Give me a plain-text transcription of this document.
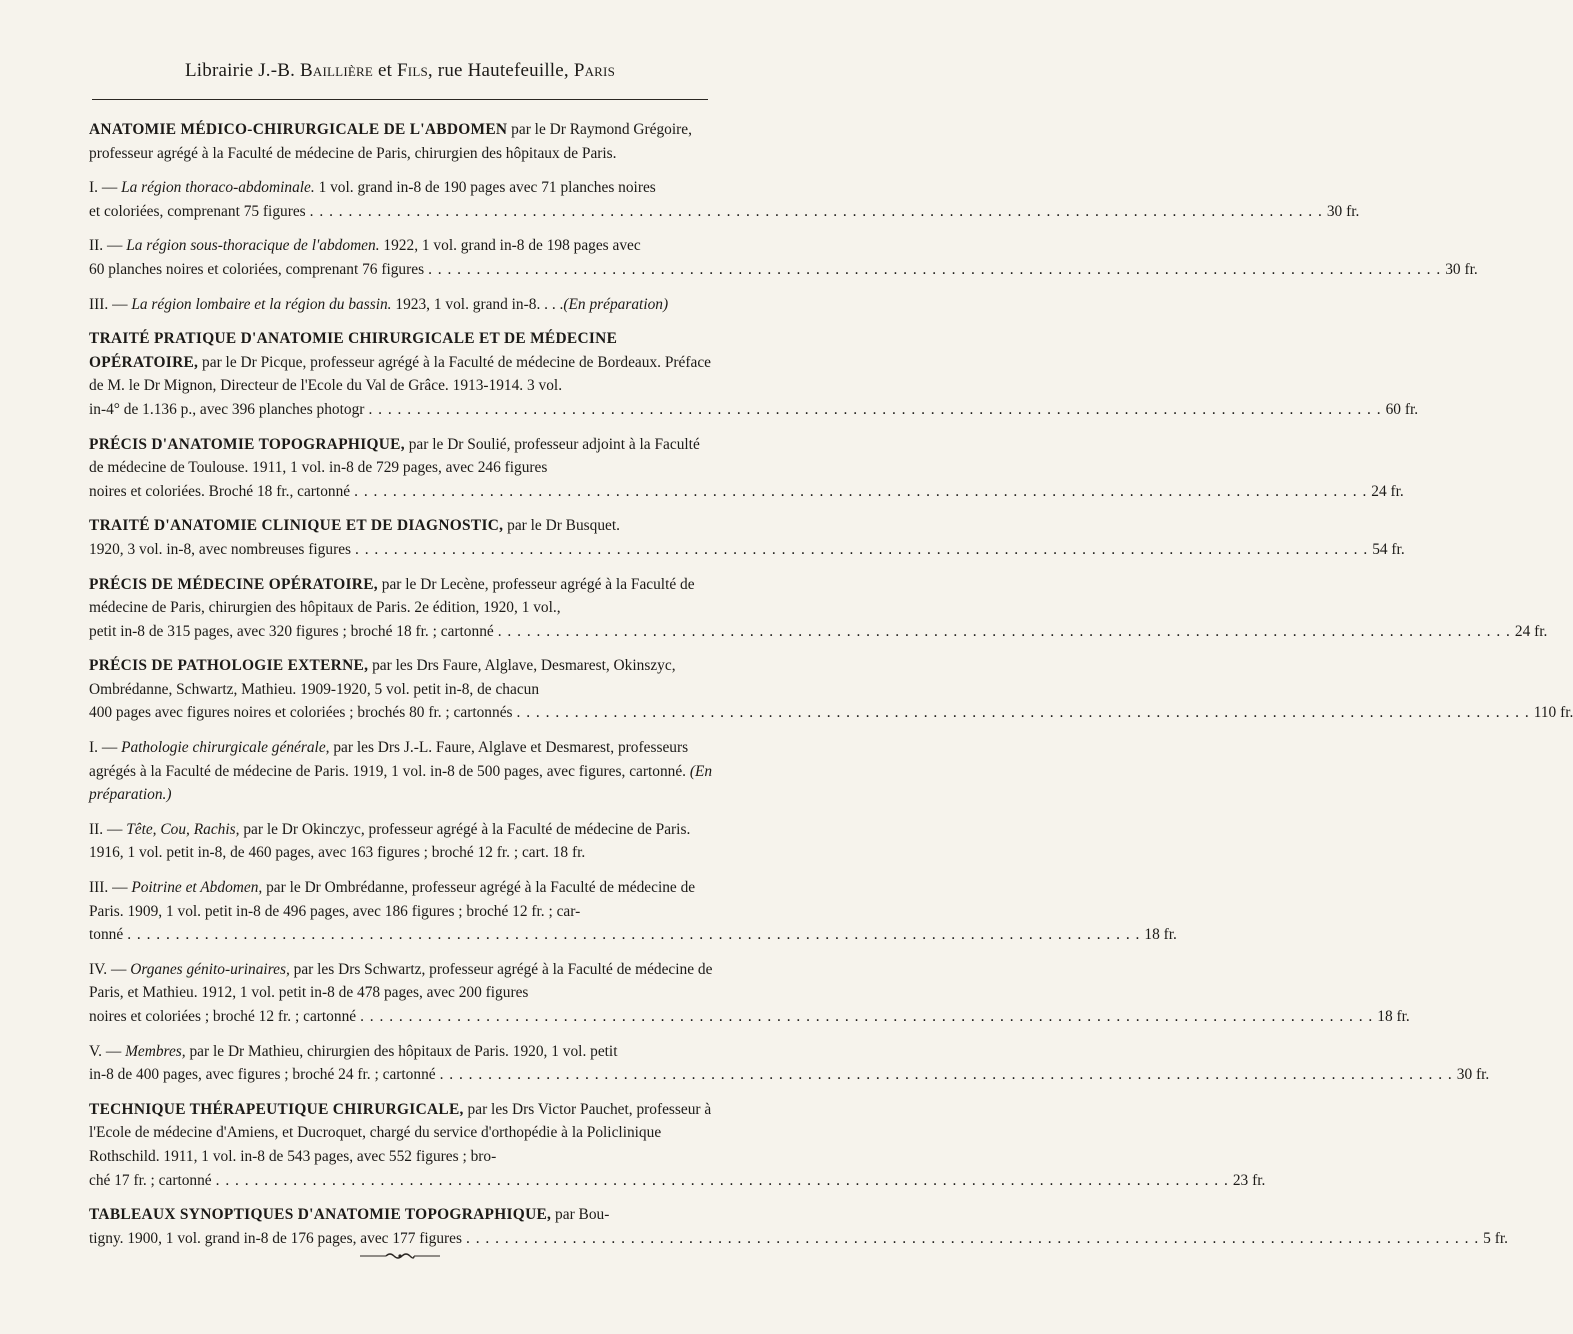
Librairie J.-B. Baillière et Fils, rue Hautefeuille, Paris
ANATOMIE MÉDICO-CHIRURGICALE DE L'ABDOMEN par le Dr Raymond Grégoire, professeur agrégé à la Faculté de médecine de Paris, chirurgien des hôpitaux de Paris.
I. — La région thoraco-abdominale. 1 vol. grand in-8 de 190 pages avec 71 planches noires
et coloriées, comprenant 75 figures . . .	30 fr.
II. — La région sous-thoracique de l'abdomen. 1922, 1 vol. grand in-8 de 198 pages avec
60 planches noires et coloriées, comprenant 76 figures . . .	30 fr.
III. — La région lombaire et la région du bassin. 1923, 1 vol. grand in-8. . . .(En préparation)
TRAITÉ PRATIQUE D'ANATOMIE CHIRURGICALE ET DE MÉDECINE OPÉRATOIRE, par le Dr Picque, professeur agrégé à la Faculté de médecine de Bordeaux. Préface de M. le Dr Mignon, Directeur de l'Ecole du Val de Grâce. 1913-1914. 3 vol.
in-4° de 1.136 p., avec 396 planches photogr . . .	60 fr.
PRÉCIS D'ANATOMIE TOPOGRAPHIQUE, par le Dr Soulié, professeur adjoint à la Faculté de médecine de Toulouse. 1911, 1 vol. in-8 de 729 pages, avec 246 figures
noires et coloriées. Broché 18 fr., cartonné . . .	24 fr.
TRAITÉ D'ANATOMIE CLINIQUE ET DE DIAGNOSTIC, par le Dr Busquet.
1920, 3 vol. in-8, avec nombreuses figures . . .	54 fr.
PRÉCIS DE MÉDECINE OPÉRATOIRE, par le Dr Lecène, professeur agrégé à la Faculté de médecine de Paris, chirurgien des hôpitaux de Paris. 2e édition, 1920, 1 vol.,
petit in-8 de 315 pages, avec 320 figures ; broché 18 fr. ; cartonné . . .	24 fr.
PRÉCIS DE PATHOLOGIE EXTERNE, par les Drs Faure, Alglave, Desmarest, Okinszyc, Ombrédanne, Schwartz, Mathieu. 1909-1920, 5 vol. petit in-8, de chacun
400 pages avec figures noires et coloriées ; brochés 80 fr. ; cartonnés . . .	110 fr.
I. — Pathologie chirurgicale générale, par les Drs J.-L. Faure, Alglave et Desmarest, professeurs agrégés à la Faculté de médecine de Paris. 1919, 1 vol. in-8 de 500 pages, avec figures, cartonné. (En préparation.)
II. — Tête, Cou, Rachis, par le Dr Okinczyc, professeur agrégé à la Faculté de médecine de Paris. 1916, 1 vol. petit in-8, de 460 pages, avec 163 figures ; broché 12 fr. ; cart. 18 fr.
III. — Poitrine et Abdomen, par le Dr Ombrédanne, professeur agrégé à la Faculté de médecine de Paris. 1909, 1 vol. petit in-8 de 496 pages, avec 186 figures ; broché 12 fr. ; car-
tonné . . .	18 fr.
IV. — Organes génito-urinaires, par les Drs Schwartz, professeur agrégé à la Faculté de médecine de Paris, et Mathieu. 1912, 1 vol. petit in-8 de 478 pages, avec 200 figures
noires et coloriées ; broché 12 fr. ; cartonné . . .	18 fr.
V. — Membres, par le Dr Mathieu, chirurgien des hôpitaux de Paris. 1920, 1 vol. petit
in-8 de 400 pages, avec figures ; broché 24 fr. ; cartonné . . .	30 fr.
TECHNIQUE THÉRAPEUTIQUE CHIRURGICALE, par les Drs Victor Pauchet, professeur à l'Ecole de médecine d'Amiens, et Ducroquet, chargé du service d'orthopédie à la Policlinique Rothschild. 1911, 1 vol. in-8 de 543 pages, avec 552 figures ; bro-
ché 17 fr. ; cartonné . . .	23 fr.
TABLEAUX SYNOPTIQUES D'ANATOMIE TOPOGRAPHIQUE, par Bou-
tigny. 1900, 1 vol. grand in-8 de 176 pages, avec 177 figures . . .	5 fr.
